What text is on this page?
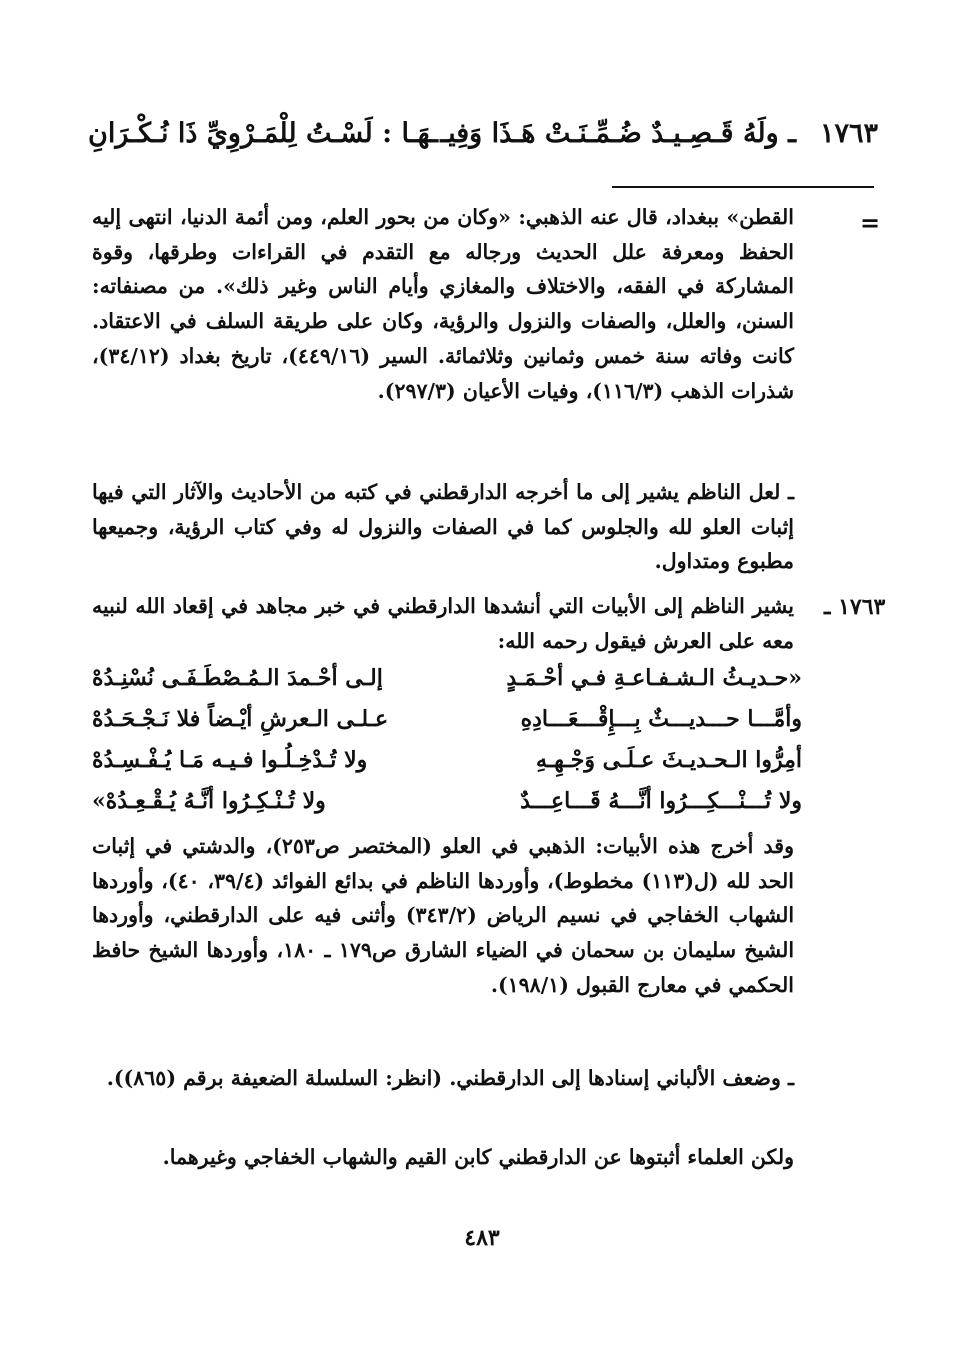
١٧٦٣
ـ ولَهُ قَـصِـيـدٌ ضُـمِّـنَـتْ هَـذَا وَفِيـ
ـهَـا : لَسْـتُ لِلْمَـرْوِيِّ ذَا نُـكْـرَانِ
=
القطن» ببغداد، قال عنه الذهبي: «وكان من بحور العلم، ومن أئمة الدنيا، انتهى إليه الحفظ ومعرفة علل الحديث ورجاله مع التقدم في القراءات وطرقها، وقوة المشاركة في الفقه، والاختلاف والمغازي وأيام الناس وغير ذلك». من مصنفاته: السنن، والعلل، والصفات والنزول والرؤية، وكان على طريقة السلف في الاعتقاد. كانت وفاته سنة خمس وثمانين وثلاثمائة. السير (٤٤٩/١٦)، تاريخ بغداد (٣٤/١٢)، شذرات الذهب (١١٦/٣)، وفيات الأعيان (٢٩٧/٣).
ـ لعل الناظم يشير إلى ما أخرجه الدارقطني في كتبه من الأحاديث والآثار التي فيها إثبات العلو لله والجلوس كما في الصفات والنزول له وفي كتاب الرؤية، وجميعها مطبوع ومتداول.
١٧٦٣ ـ
يشير الناظم إلى الأبيات التي أنشدها الدارقطني في خبر مجاهد في إقعاد الله لنبيه معه على العرش فيقول رحمه الله:
«حـديـثُ الـشـفـاعـةِ فـي أحْـمَـدٍ
إلـى أحْـمدَ الـمُـصْطَـفَـى نُسْنِـدُهْ
وأمَّـــا حـــديـــثٌ بِـــإِقْـــعَـــادِهِ
عـلـى الـعرشِ أيْـضاً فلا نَـجْـحَـدُهْ
أمِرُّوا الـحـديـثَ عـلَـى وَجْـهِـهِ
ولا تُـدْخِـلُـوا فـيـه مَـا يُـفْـسِـدُهْ
ولا تُـــنْـــكِـــرُوا أنَّـــهُ قَـــاعِـــدٌ
ولا تُـنْـكِـرُوا أنَّـهُ يُـقْـعِـدُهْ»
وقد أخرج هذه الأبيات: الذهبي في العلو (المختصر ص٢٥٣)، والدشتي في إثبات الحد لله (ل(١١٣) مخطوط)، وأوردها الناظم في بدائع الفوائد (٣٩/٤، ٤٠)، وأوردها الشهاب الخفاجي في نسيم الرياض (٣٤٣/٢) وأثنى فيه على الدارقطني، وأوردها الشيخ سليمان بن سحمان في الضياء الشارق ص١٧٩ ـ ١٨٠، وأوردها الشيخ حافظ الحكمي في معارج القبول (١٩٨/١).
ـ وضعف الألباني إسنادها إلى الدارقطني. (انظر: السلسلة الضعيفة برقم (٨٦٥)).
ولكن العلماء أثبتوها عن الدارقطني كابن القيم والشهاب الخفاجي وغيرهما.
٤٨٣
